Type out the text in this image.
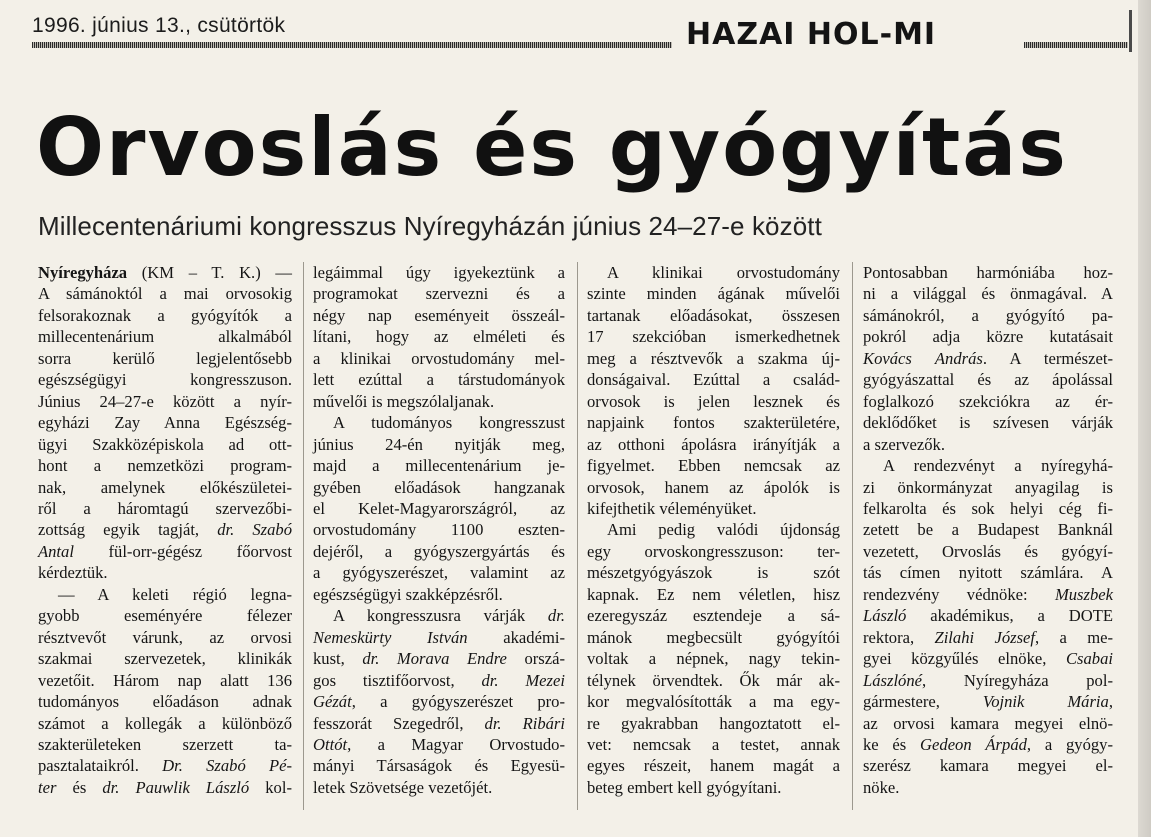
1996. június 13., csütörtök	HAZAI HOL-MI
Orvoslás és gyógyítás
Millecentenáriumi kongresszus Nyíregyházán június 24–27-e között
Nyíregyháza (KM – T. K.) —
A sámánoktól a mai orvosokig
felsorakoznak a gyógyítók a
millecentenárium alkalmából
sorra kerülő legjelentősebb
egészségügyi kongresszuson.
Június 24–27-e között a nyír-
egyházi Zay Anna Egészség-
ügyi Szakközépiskola ad ott-
hont a nemzetközi program-
nak, amelynek előkészületei-
ről a háromtagú szervezőbi-
zottság egyik tagját, dr. Szabó
Antal fül-orr-gégész főorvost
kérdeztük.
— A keleti régió legna-
gyobb eseményére félezer
résztvevőt várunk, az orvosi
szakmai szervezetek, klinikák
vezetőit. Három nap alatt 136
tudományos előadáson adnak
számot a kollegák a különböző
szakterületeken szerzett ta-
pasztalataikról. Dr. Szabó Pé-
ter és dr. Pauwlik László kol-
legáimmal úgy igyekeztünk a
programokat szervezni és a
négy nap eseményeit összeál-
lítani, hogy az elméleti és
a klinikai orvostudomány mel-
lett ezúttal a társtudományok
művelői is megszólaljanak.
A tudományos kongresszust
június 24-én nyitják meg,
majd a millecentenárium je-
gyében előadások hangzanak
el Kelet-Magyarországról, az
orvostudomány 1100 eszten-
dejéről, a gyógyszergyártás és
a gyógyszerészet, valamint az
egészségügyi szakképzésről.
A kongresszusra várják dr.
Nemeskürty István akadémi-
kust, dr. Morava Endre orszá-
gos tisztifőorvost, dr. Mezei
Gézát, a gyógyszerészet pro-
fesszorát Szegedről, dr. Ribári
Ottót, a Magyar Orvostudo-
mányi Társaságok és Egyesü-
letek Szövetsége vezetőjét.
A klinikai orvostudomány
szinte minden ágának művelői
tartanak előadásokat, összesen
17 szekcióban ismerkedhetnek
meg a résztvevők a szakma új-
donságaival. Ezúttal a család-
orvosok is jelen lesznek és
napjaink fontos szakterületére,
az otthoni ápolásra irányítják a
figyelmet. Ebben nemcsak az
orvosok, hanem az ápolók is
kifejthetik véleményüket.
Ami pedig valódi újdonság
egy orvoskongresszuson: ter-
mészetgyógyászok is szót
kapnak. Ez nem véletlen, hisz
ezeregyszáz esztendeje a sá-
mánok megbecsült gyógyítói
voltak a népnek, nagy tekin-
télynek örvendtek. Ők már ak-
kor megvalósították a ma egy-
re gyakrabban hangoztatott el-
vet: nemcsak a testet, annak
egyes részeit, hanem magát a
beteg embert kell gyógyítani.
Pontosabban harmóniába hoz-
ni a világgal és önmagával. A
sámánokról, a gyógyító pa-
pokról adja közre kutatásait
Kovács András. A természet-
gyógyászattal és az ápolással
foglalkozó szekciókra az ér-
deklődőket is szívesen várják
a szervezők.
A rendezvényt a nyíregyhá-
zi önkormányzat anyagilag is
felkarolta és sok helyi cég fi-
zetett be a Budapest Banknál
vezetett, Orvoslás és gyógyí-
tás címen nyitott számlára. A
rendezvény védnöke: Muszbek
László akadémikus, a DOTE
rektora, Zilahi József, a me-
gyei közgyűlés elnöke, Csabai
Lászlóné, Nyíregyháza pol-
gármestere, Vojnik Mária,
az orvosi kamara megyei elnö-
ke és Gedeon Árpád, a gyógy-
szerész kamara megyei el-
nöke.
